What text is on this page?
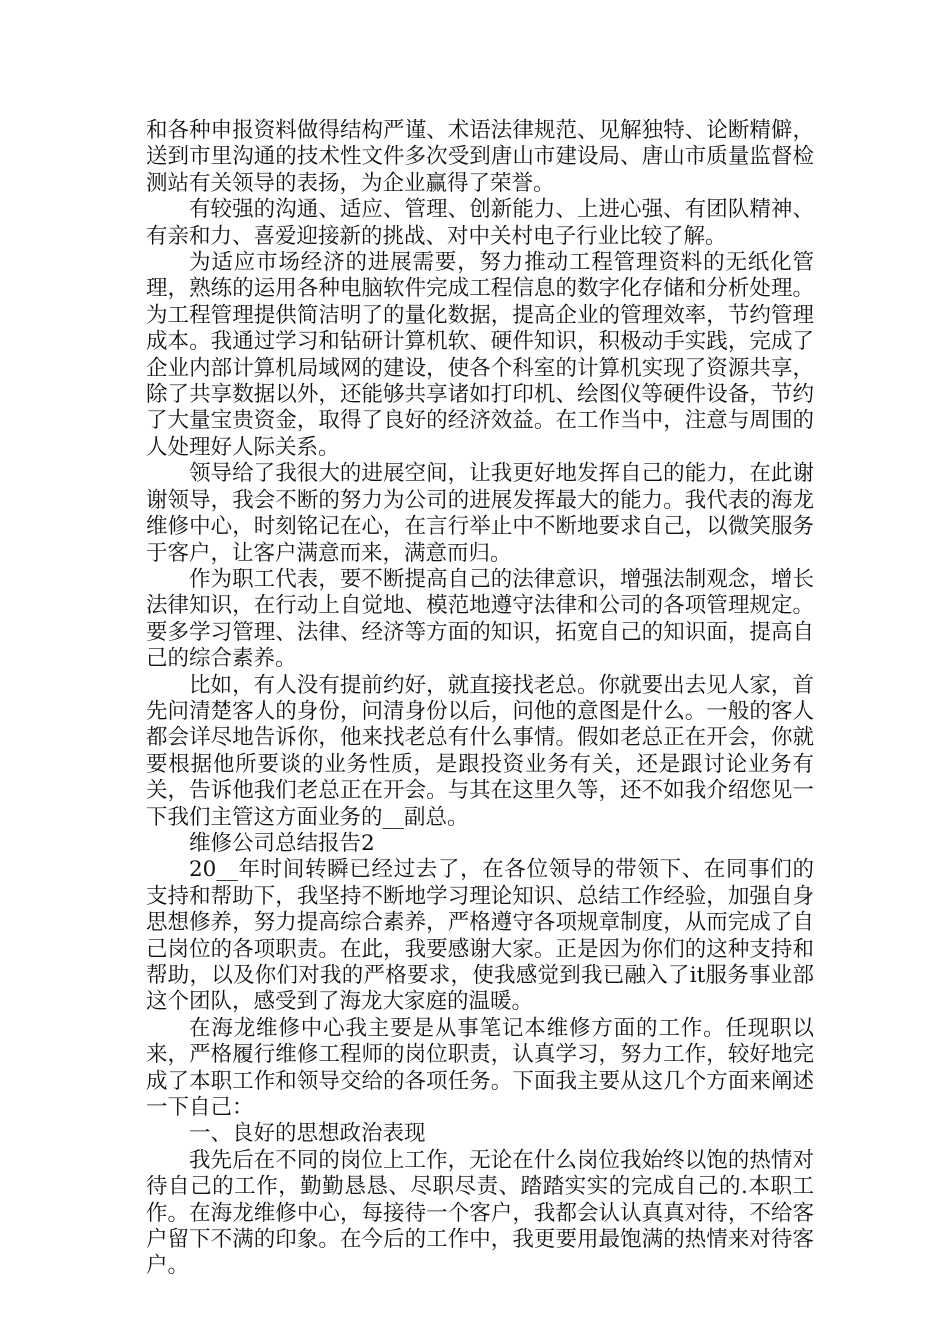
和各种申报资料做得结构严谨、术语法律规范、见解独特、论断精僻，送到市里沟通的技术性文件多次受到唐山市建设局、唐山市质量监督检测站有关领导的表扬，为企业赢得了荣誉。

有较强的沟通、适应、管理、创新能力、上进心强、有团队精神、有亲和力、喜爱迎接新的挑战、对中关村电子行业比较了解。

为适应市场经济的进展需要，努力推动工程管理资料的无纸化管理，熟练的运用各种电脑软件完成工程信息的数字化存储和分析处理。为工程管理提供简洁明了的量化数据，提高企业的管理效率，节约管理成本。我通过学习和钻研计算机软、硬件知识，积极动手实践，完成了企业内部计算机局域网的建设，使各个科室的计算机实现了资源共享，除了共享数据以外，还能够共享诸如打印机、绘图仪等硬件设备，节约了大量宝贵资金，取得了良好的经济效益。在工作当中，注意与周围的人处理好人际关系。

领导给了我很大的进展空间，让我更好地发挥自己的能力，在此谢谢领导，我会不断的努力为公司的进展发挥最大的能力。我代表的海龙维修中心，时刻铭记在心，在言行举止中不断地要求自己，以微笑服务于客户，让客户满意而来，满意而归。

作为职工代表，要不断提高自己的法律意识，增强法制观念，增长法律知识，在行动上自觉地、模范地遵守法律和公司的各项管理规定。要多学习管理、法律、经济等方面的知识，拓宽自己的知识面，提高自己的综合素养。

比如，有人没有提前约好，就直接找老总。你就要出去见人家，首先问清楚客人的身份，问清身份以后，问他的意图是什么。一般的客人都会详尽地告诉你，他来找老总有什么事情。假如老总正在开会，你就要根据他所要谈的业务性质，是跟投资业务有关，还是跟讨论业务有关，告诉他我们老总正在开会。与其在这里久等，还不如我介绍您见一下我们主管这方面业务的__副总。

维修公司总结报告2

20__年时间转瞬已经过去了，在各位领导的带领下、在同事们的支持和帮助下，我坚持不断地学习理论知识、总结工作经验，加强自身思想修养，努力提高综合素养，严格遵守各项规章制度，从而完成了自己岗位的各项职责。在此，我要感谢大家。正是因为你们的这种支持和帮助，以及你们对我的严格要求，使我感觉到我已融入了it服务事业部这个团队，感受到了海龙大家庭的温暖。

在海龙维修中心我主要是从事笔记本维修方面的工作。任现职以来，严格履行维修工程师的岗位职责，认真学习，努力工作，较好地完成了本职工作和领导交给的各项任务。下面我主要从这几个方面来阐述一下自己：

一、良好的思想政治表现

我先后在不同的岗位上工作，无论在什么岗位我始终以饱的热情对待自己的工作，勤勤恳恳、尽职尽责、踏踏实实的完成自己的.本职工作。在海龙维修中心，每接待一个客户，我都会认认真真对待，不给客户留下不满的印象。在今后的工作中，我更要用最饱满的热情来对待客户。
